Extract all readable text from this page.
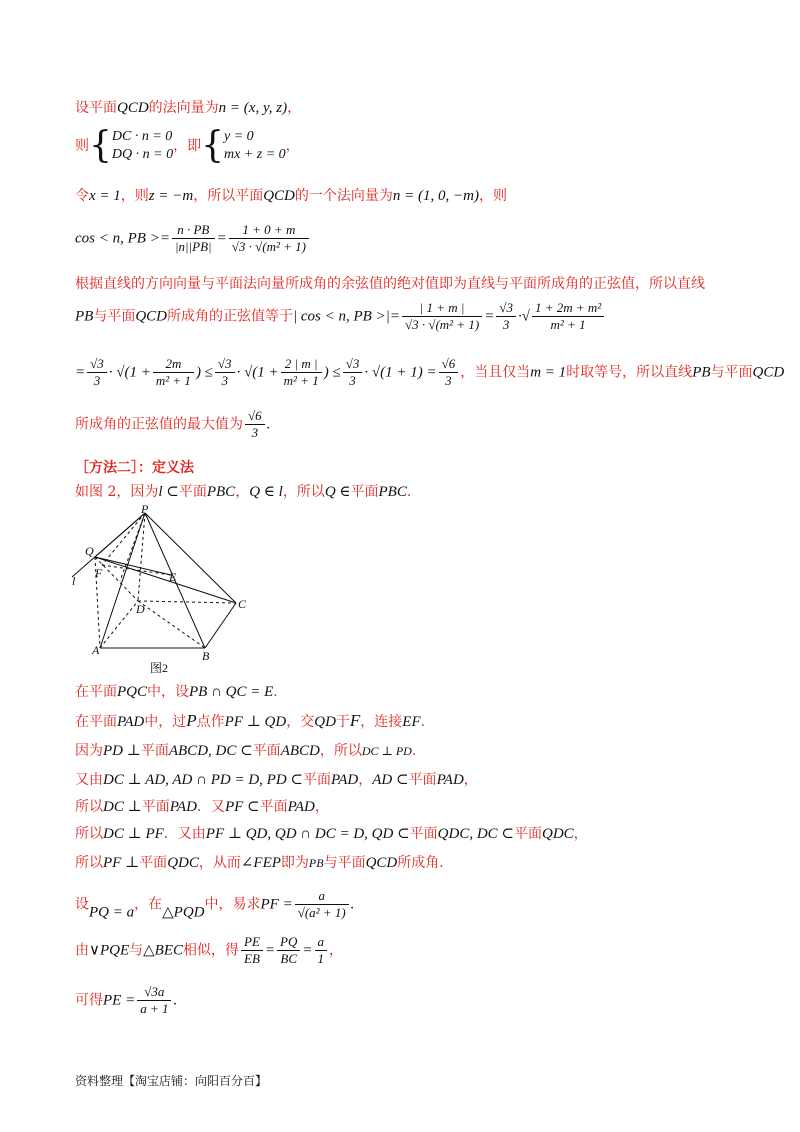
设平面QCD的法向量为n = (x, y, z)，
则{ DC · n = 0
DQ · n = 0
，即{ y = 0
mx + z = 0
，
令x = 1，则z = −m，所以平面QCD的一个法向量为n = (1, 0, −m)，则
cos < n, PB >= $\frac{n \cdot PB}{|n||PB|} = \frac{1 + 0 + m}{\text{√3 · √(m² + 1)}}$
根据直线的方向向量与平面法向量所成角的余弦值的绝对值即为直线与平面所成角的正弦值，所以直线
PB与平面QCD所成角的正弦值等于| cos < n, PB >|= $\frac{| 1 + m |}{\text{√3 · √(m² + 1)}} = \frac{√3}{3}$ ·√ $\frac{\text{1 + 2m + m²}}{\text{m² + 1}}$
= $\frac{√3}{3} \cdot √(1 + \frac{2m}{\text{m² + 1}}$ ) ≤ $\frac{√3}{3} \cdot √(1 + \frac{2 | m |}{\text{m² + 1}}$ ) ≤ $\frac{√3}{3} \cdot √(1 + 1) = \frac{√6}{3}$ ，当且仅当m = 1时取等号，所以直线PB与平面QCD
所成角的正弦值的最大值为 $\frac{√6}{3}$ .
［方法二］：定义法
如图 2，因为l ⊂平面PBC，Q ∈ l，所以Q ∈平面PBC.
P
Q
l
F	E
D	C
A	B
图2
在平面PQC中，设PB ∩ QC = E.
在平面PAD中，过P点作PF ⊥ QD，交QD于F，连接EF.
因为PD ⊥平面ABCD, DC ⊂平面ABCD，所以DC ⊥ PD.
又由DC ⊥ AD, AD ∩ PD = D, PD ⊂平面PAD，AD ⊂平面PAD，
所以DC ⊥平面PAD．又PF ⊂平面PAD，
所以DC ⊥ PF．又由PF ⊥ QD, QD ∩ DC = D, QD ⊂平面QDC, DC ⊂平面QDC，
所以PF ⊥平面QDC，从而∠FEP即为PB与平面QCD所成角.
设PQ = a，在△PQD中，易求PF = $\frac{a}{\text{√(a² + 1)}}$ .
由∨PQE与△BEC相似，得 $\frac{PE}{EB} = \frac{PQ}{BC} = \frac{a}{1}$ ，
可得PE = $\frac{√3a}{a + 1}$ .
资料整理【淘宝店铺：向阳百分百】
